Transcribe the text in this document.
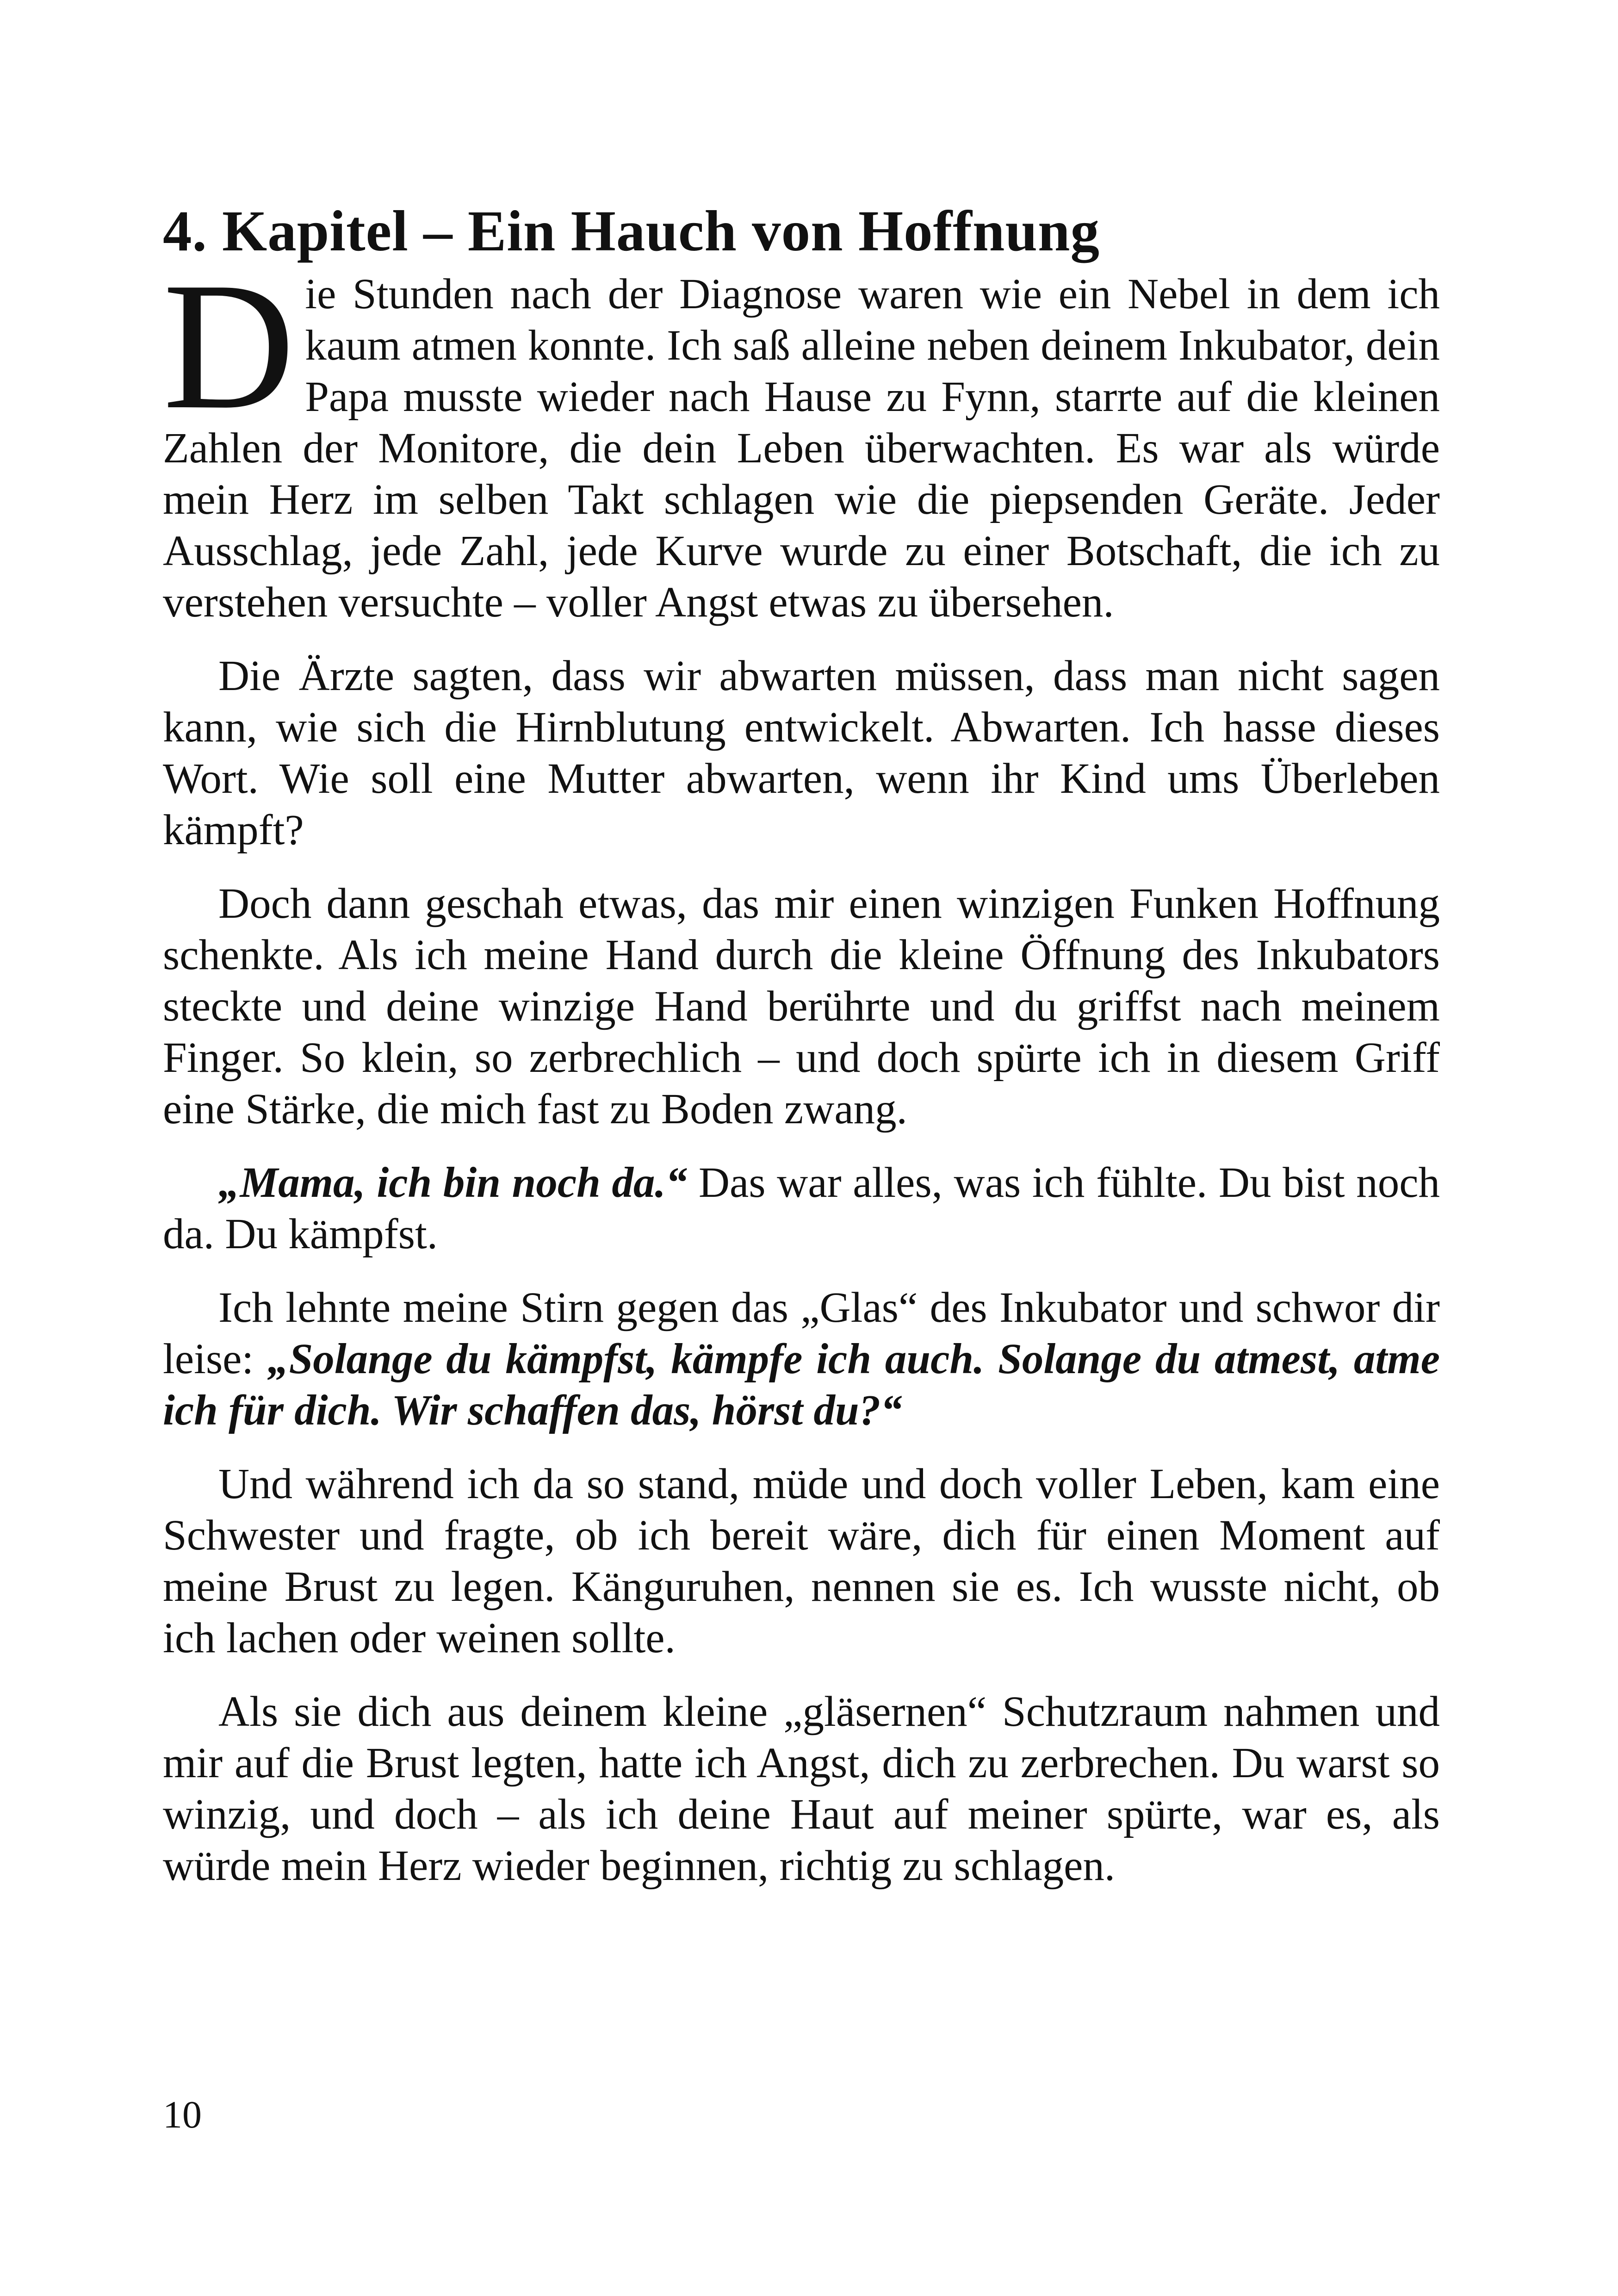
4. Kapitel – Ein Hauch von Hoffnung

Die Stunden nach der Diagnose waren wie ein Nebel in dem ich kaum atmen konnte. Ich saß alleine neben deinem Inkubator, dein Papa musste wieder nach Hause zu Fynn, starrte auf die kleinen Zahlen der Monitore, die dein Leben überwachten. Es war als würde mein Herz im selben Takt schlagen wie die piepsenden Geräte. Jeder Ausschlag, jede Zahl, jede Kurve wurde zu einer Botschaft, die ich zu verstehen versuchte – voller Angst etwas zu übersehen.

Die Ärzte sagten, dass wir abwarten müssen, dass man nicht sagen kann, wie sich die Hirnblutung entwickelt. Abwarten. Ich hasse dieses Wort. Wie soll eine Mutter abwarten, wenn ihr Kind ums Überleben kämpft?

Doch dann geschah etwas, das mir einen winzigen Funken Hoffnung schenkte. Als ich meine Hand durch die kleine Öffnung des Inkubators steckte und deine winzige Hand berührte und du griffst nach meinem Finger. So klein, so zerbrechlich – und doch spürte ich in diesem Griff eine Stärke, die mich fast zu Boden zwang.

„Mama, ich bin noch da.“ Das war alles, was ich fühlte. Du bist noch da. Du kämpfst.

Ich lehnte meine Stirn gegen das „Glas“ des Inkubator und schwor dir leise: „Solange du kämpfst, kämpfe ich auch. Solange du atmest, atme ich für dich. Wir schaffen das, hörst du?“

Und während ich da so stand, müde und doch voller Leben, kam eine Schwester und fragte, ob ich bereit wäre, dich für einen Moment auf meine Brust zu legen. Känguruhen, nennen sie es. Ich wusste nicht, ob ich lachen oder weinen sollte.

Als sie dich aus deinem kleine „gläsernen“ Schutzraum nahmen und mir auf die Brust legten, hatte ich Angst, dich zu zerbrechen. Du warst so winzig, und doch – als ich deine Haut auf meiner spürte, war es, als würde mein Herz wieder beginnen, richtig zu schlagen.

10
